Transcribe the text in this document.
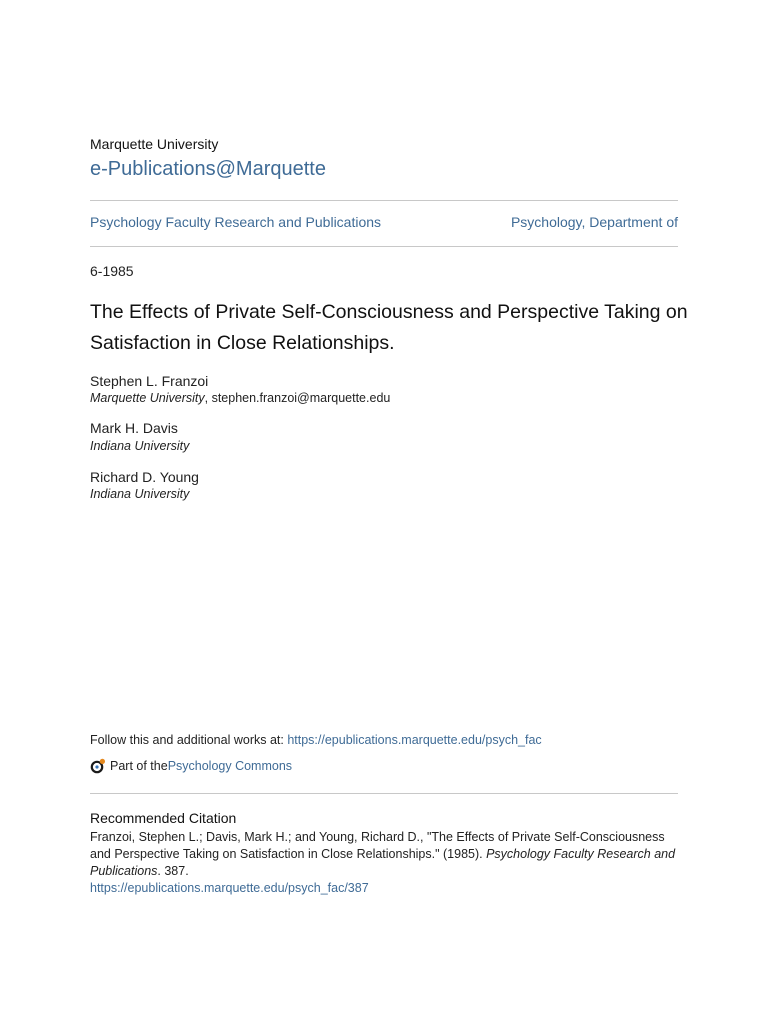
Marquette University
e-Publications@Marquette
Psychology Faculty Research and Publications	Psychology, Department of
6-1985
The Effects of Private Self-Consciousness and Perspective Taking on Satisfaction in Close Relationships.
Stephen L. Franzoi
Marquette University, stephen.franzoi@marquette.edu
Mark H. Davis
Indiana University
Richard D. Young
Indiana University
Follow this and additional works at: https://epublications.marquette.edu/psych_fac
Part of the Psychology Commons
Recommended Citation
Franzoi, Stephen L.; Davis, Mark H.; and Young, Richard D., "The Effects of Private Self-Consciousness and Perspective Taking on Satisfaction in Close Relationships." (1985). Psychology Faculty Research and Publications. 387.
https://epublications.marquette.edu/psych_fac/387
